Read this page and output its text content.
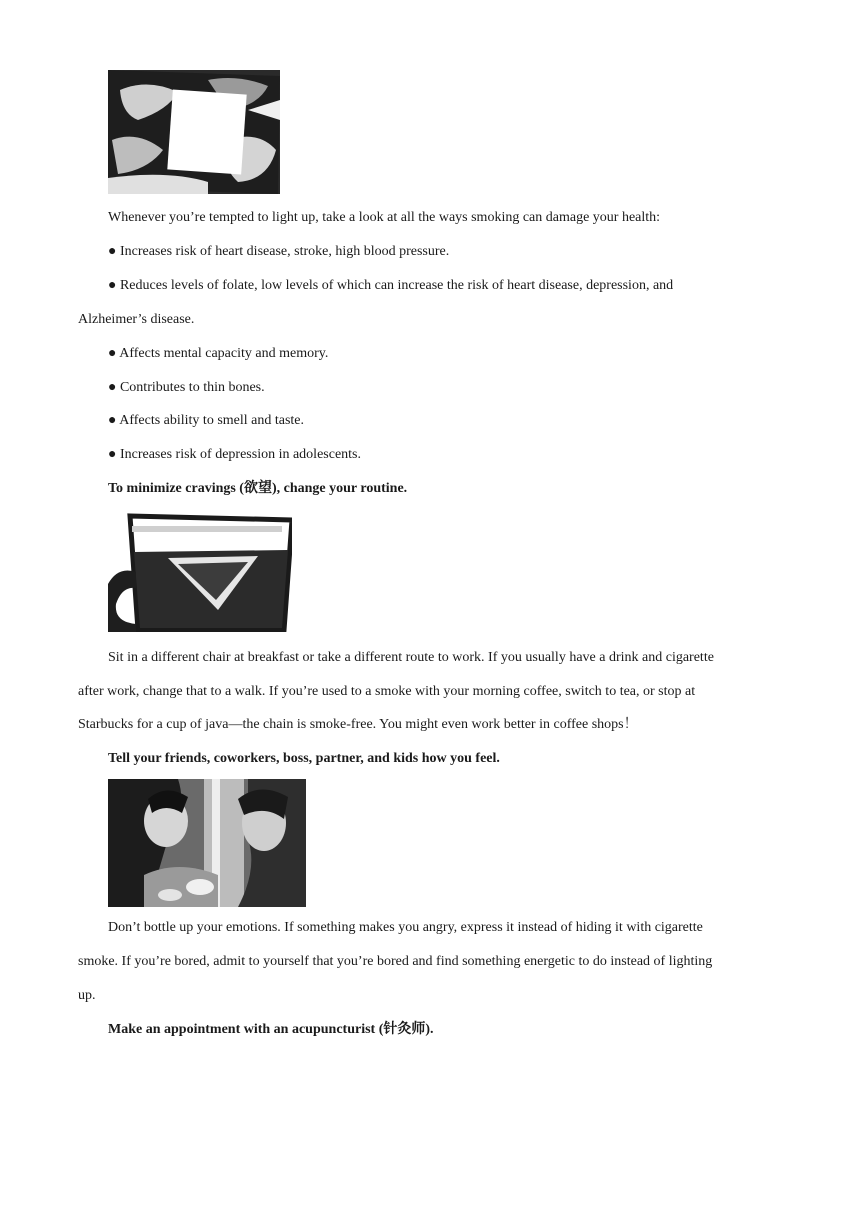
Whenever you’re tempted to light up, take a look at all the ways smoking can damage your health:
● Increases risk of heart disease, stroke, high blood pressure.
● Reduces levels of folate, low levels of which can increase the risk of heart disease, depression, and
Alzheimer’s disease.
● Affects mental capacity and memory.
● Contributes to thin bones.
● Affects ability to smell and taste.
● Increases risk of depression in adolescents.
To minimize cravings (欲望), change your routine.
Sit in a different chair at breakfast or take a different route to work. If you usually have a drink and cigarette
after work, change that to a walk. If you’re used to a smoke with your morning coffee, switch to tea, or stop at
Starbucks for a cup of java—the chain is smoke-free. You might even work better in coffee shops！
Tell your friends, coworkers, boss, partner, and kids how you feel.
Don’t bottle up your emotions. If something makes you angry, express it instead of hiding it with cigarette
smoke. If you’re bored, admit to yourself that you’re bored and find something energetic to do instead of lighting
up.
Make an appointment with an acupuncturist (针灸师).
